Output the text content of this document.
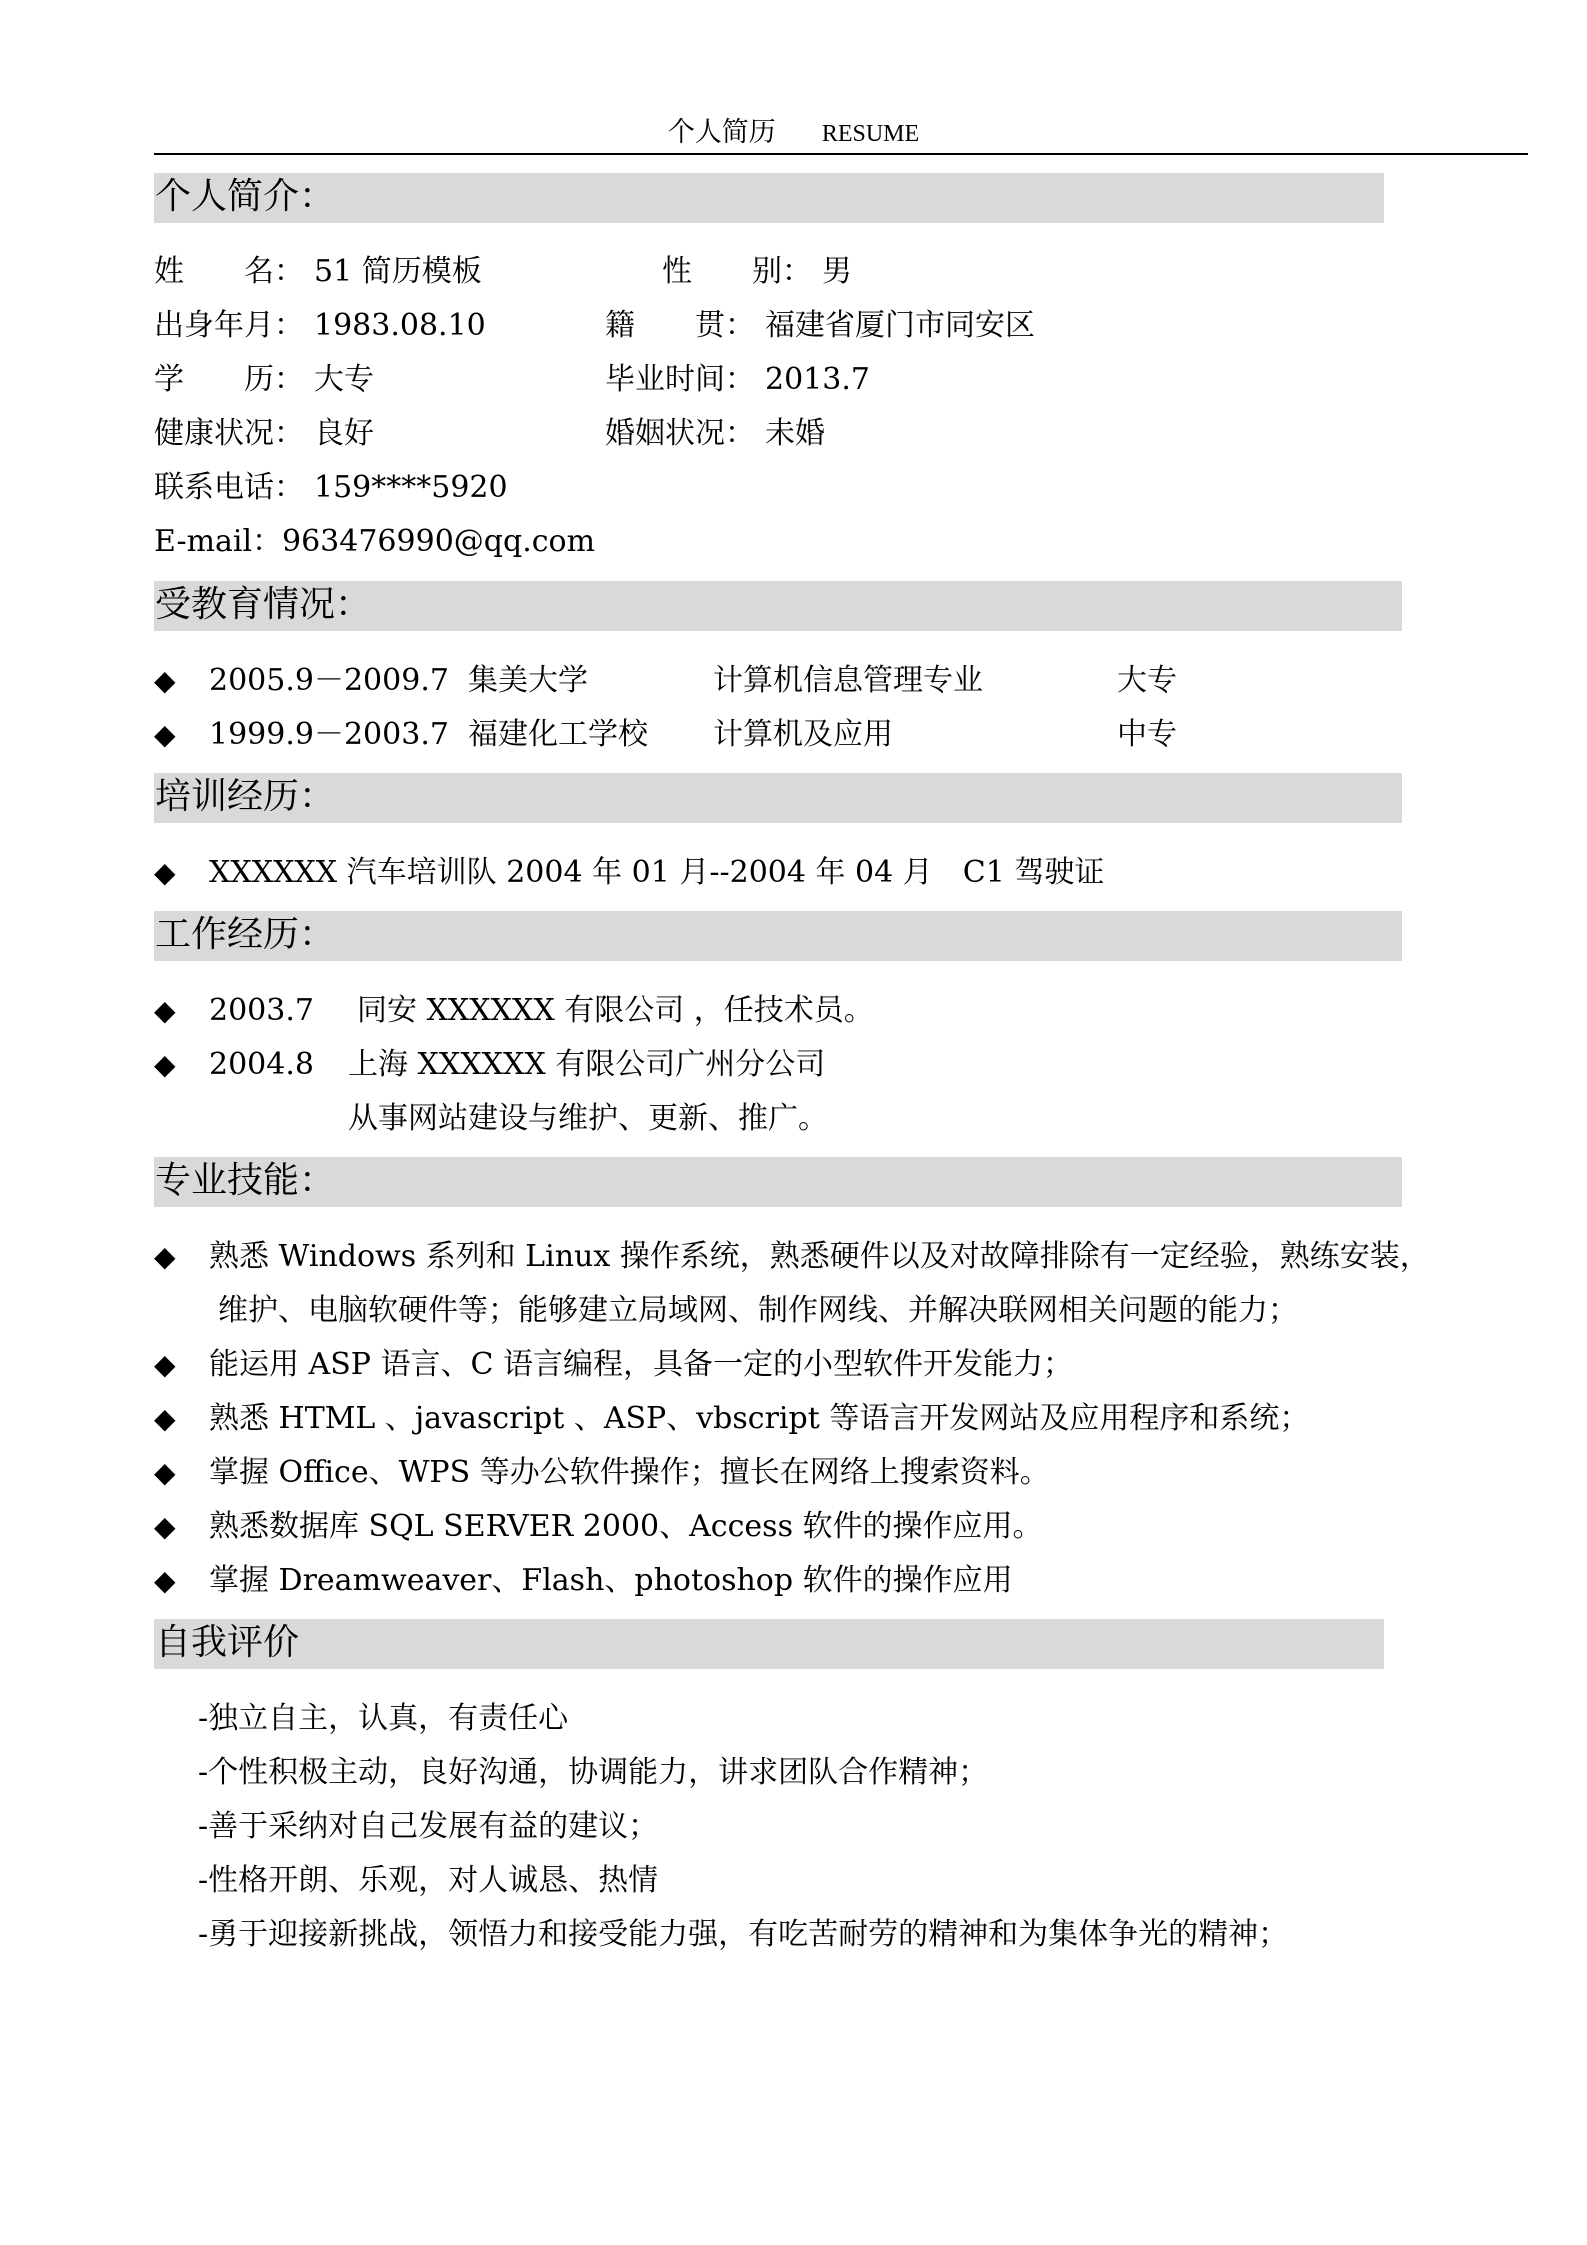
个人简历 RESUME
个人简介：
姓　　名： 51 简历模板	性　　别： 男
出身年月： 1983.08.10	籍　　贯： 福建省厦门市同安区
学　　历： 大专	毕业时间： 2013.7
健康状况： 良好	婚姻状况： 未婚
联系电话： 159****5920
E-mail： 963476990@qq.com
受教育情况：
◆ 2005.9－2009.7 集美大学	计算机信息管理专业	大专
◆ 1999.9－2003.7 福建化工学校 计算机及应用	中专
培训经历：
◆ XXXXXX 汽车培训队 2004 年 01 月--2004 年 04 月　C1 驾驶证
工作经历：
◆ 2003.7 同安 XXXXXX 有限公司 ，任技术员。
◆ 2004.8 上海 XXXXXX 有限公司广州分公司
从事网站建设与维护、更新、推广。
专业技能：
◆ 熟悉 Windows 系列和 Linux 操作系统，熟悉硬件以及对故障排除有一定经验，熟练安装，
维护、电脑软硬件等；能够建立局域网、制作网线、并解决联网相关问题的能力；
◆ 能运用 ASP 语言、C 语言编程，具备一定的小型软件开发能力；
◆ 熟悉 HTML 、javascript 、ASP、vbscript 等语言开发网站及应用程序和系统；
◆ 掌握 Office、WPS 等办公软件操作；擅长在网络上搜索资料。
◆ 熟悉数据库 SQL SERVER 2000、Access 软件的操作应用。
◆ 掌握 Dreamweaver、Flash、photoshop 软件的操作应用
自我评价
-独立自主，认真，有责任心
-个性积极主动，良好沟通，协调能力，讲求团队合作精神；
-善于采纳对自己发展有益的建议；
-性格开朗、乐观，对人诚恳、热情
-勇于迎接新挑战，领悟力和接受能力强，有吃苦耐劳的精神和为集体争光的精神；
